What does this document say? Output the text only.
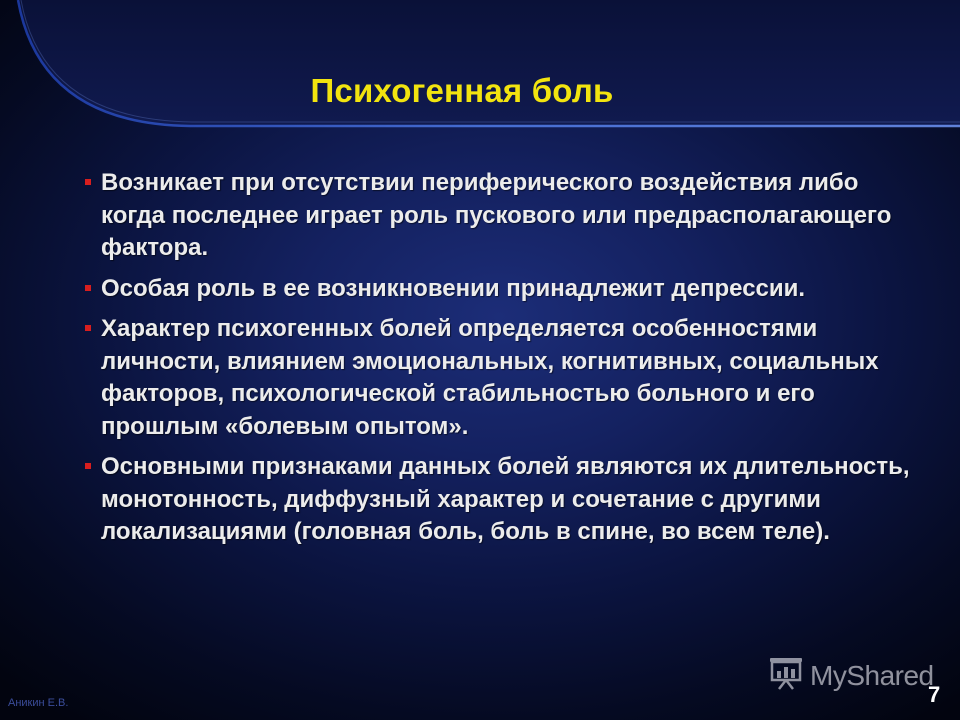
Психогенная боль
Возникает при отсутствии периферического воздействия либо когда последнее играет роль пускового или предрасполагающего фактора.
Особая роль в ее возникновении принадлежит депрессии.
Характер психогенных болей определяется особенностями личности, влиянием эмоциональных, когнитивных, социальных факторов, психологической стабильностью больного и его прошлым «болевым опытом».
Основными признаками данных болей являются их длительность, монотонность, диффузный характер и сочетание с другими локализациями (головная боль, боль в спине, во всем теле).
Аникин Е.В.
MyShared
7
